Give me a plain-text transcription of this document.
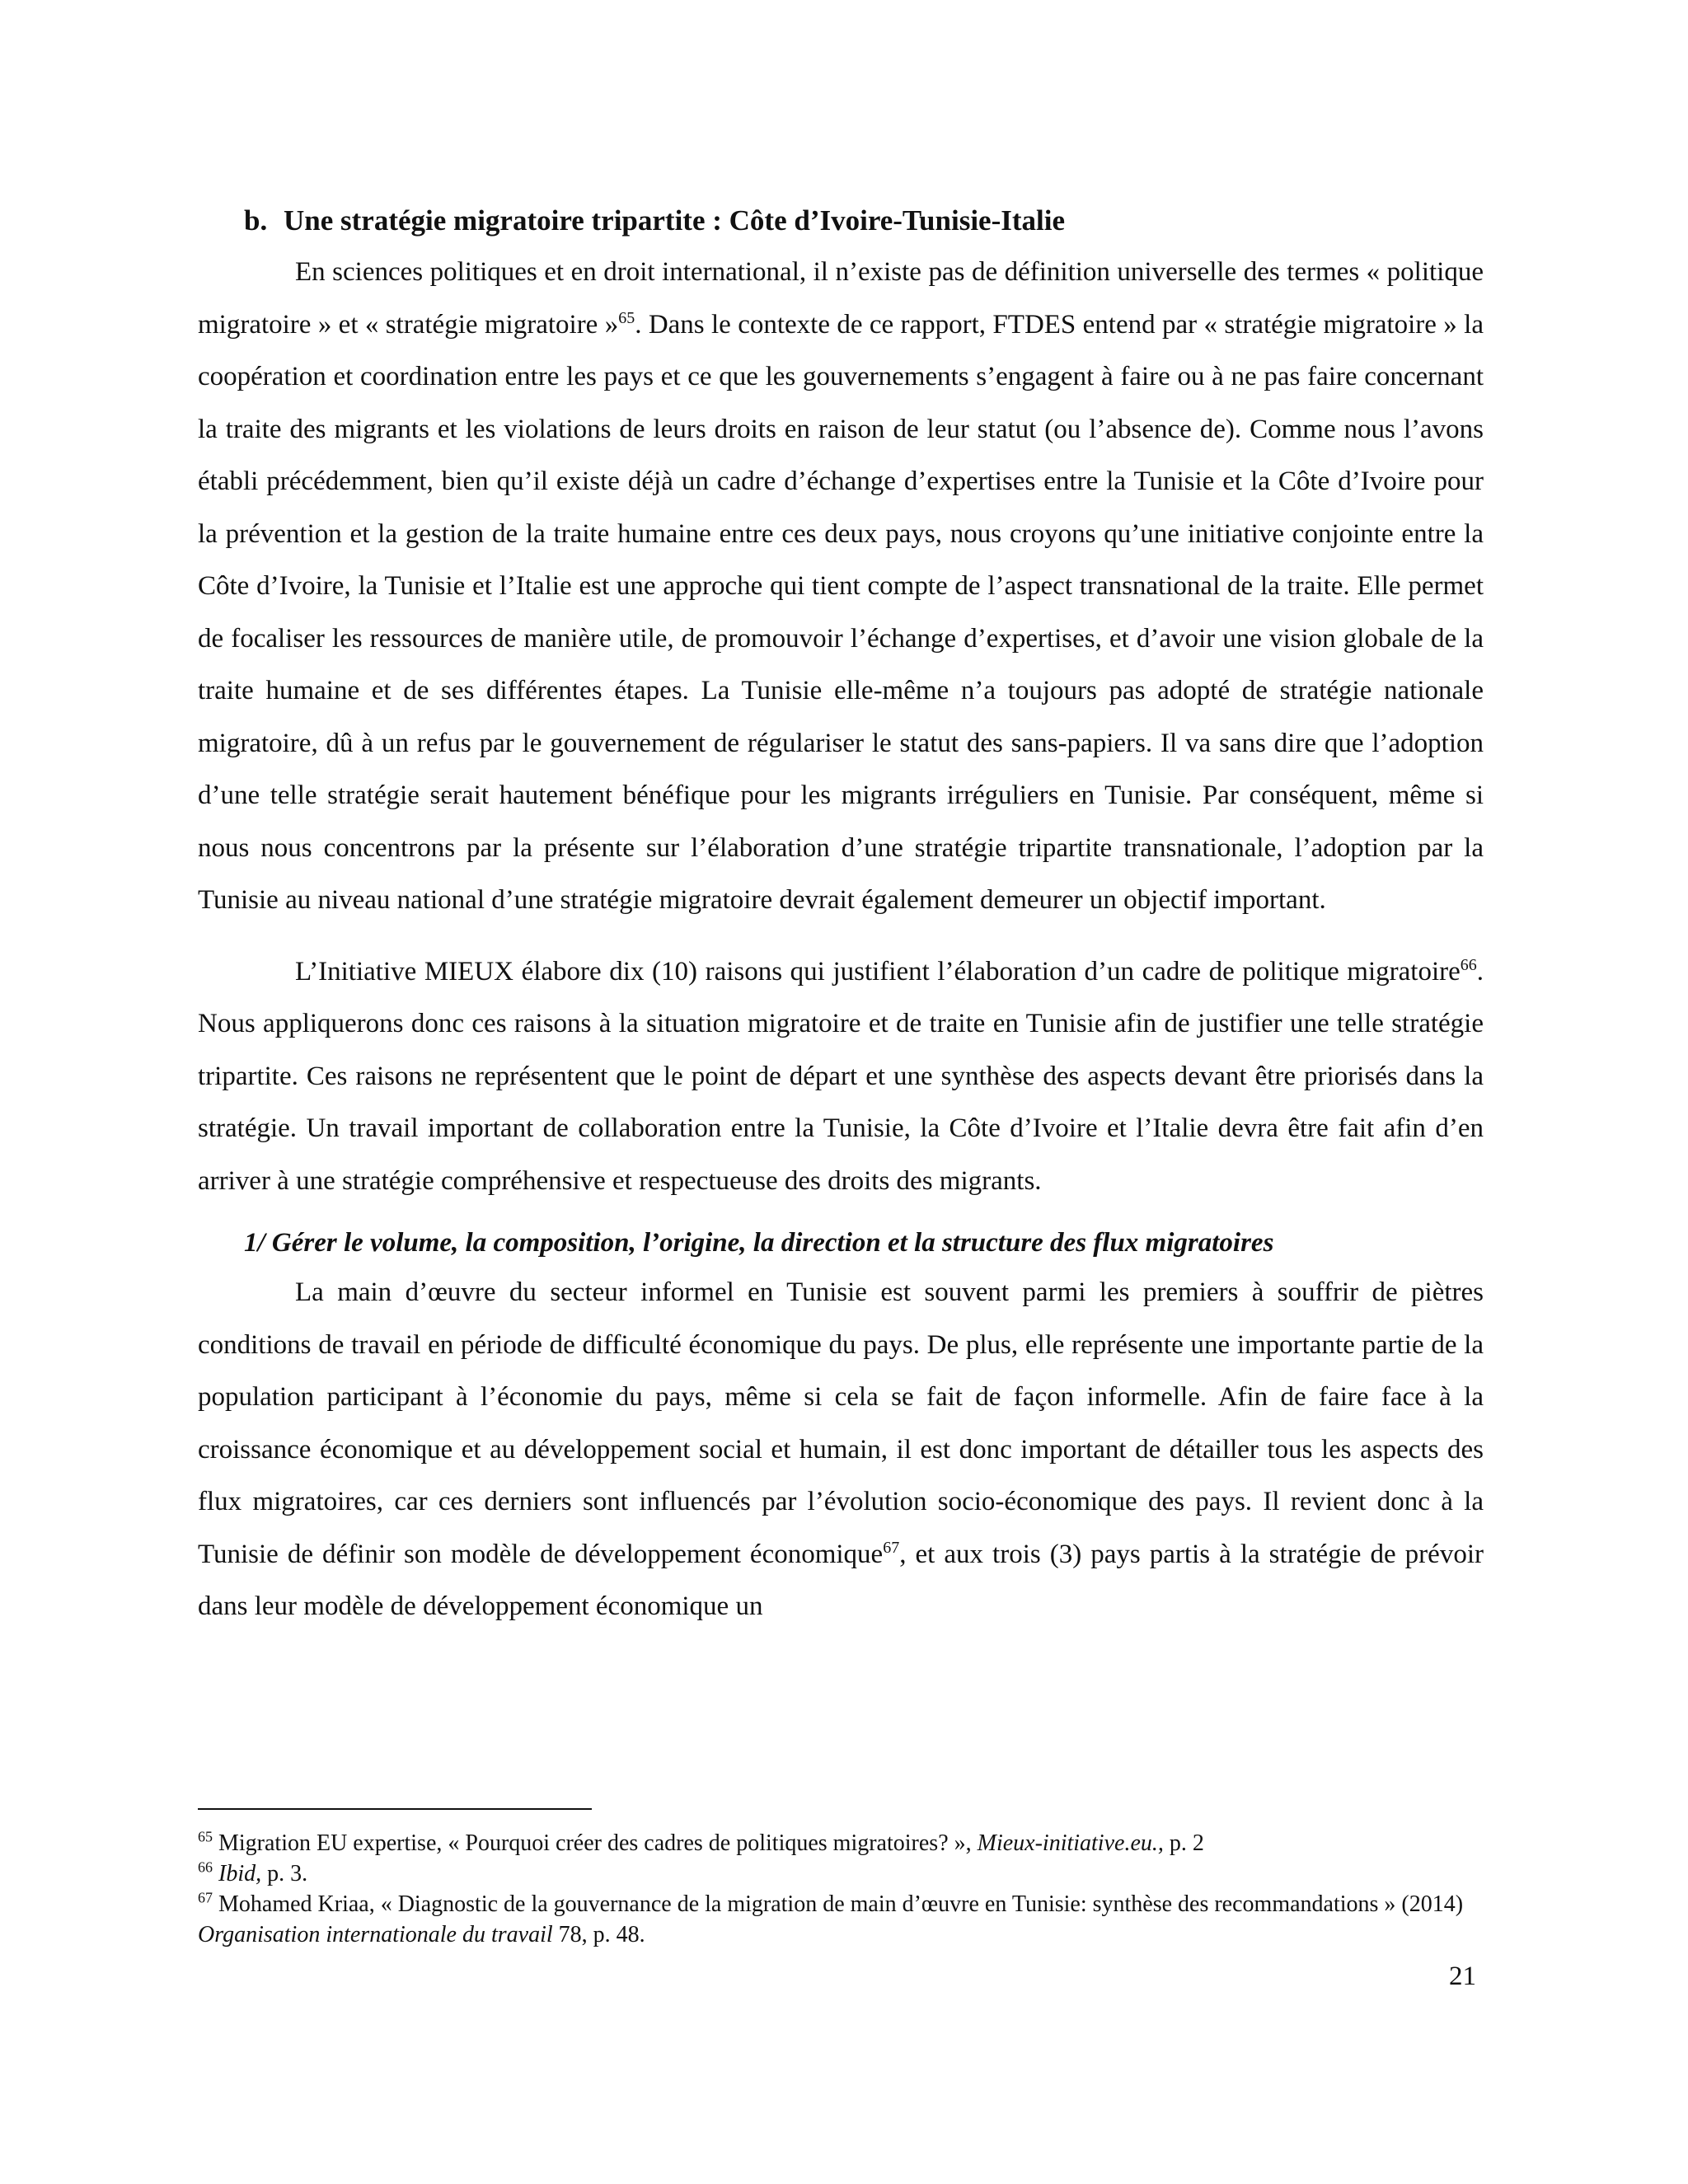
b. Une stratégie migratoire tripartite : Côte d’Ivoire-Tunisie-Italie

En sciences politiques et en droit international, il n’existe pas de définition universelle des termes « politique migratoire » et « stratégie migratoire »$^{65}$. Dans le contexte de ce rapport, FTDES entend par « stratégie migratoire » la coopération et coordination entre les pays et ce que les gouvernements s’engagent à faire ou à ne pas faire concernant la traite des migrants et les violations de leurs droits en raison de leur statut (ou l’absence de). Comme nous l’avons établi précédemment, bien qu’il existe déjà un cadre d’échange d’expertises entre la Tunisie et la Côte d’Ivoire pour la prévention et la gestion de la traite humaine entre ces deux pays, nous croyons qu’une initiative conjointe entre la Côte d’Ivoire, la Tunisie et l’Italie est une approche qui tient compte de l’aspect transnational de la traite. Elle permet de focaliser les ressources de manière utile, de promouvoir l’échange d’expertises, et d’avoir une vision globale de la traite humaine et de ses différentes étapes. La Tunisie elle-même n’a toujours pas adopté de stratégie nationale migratoire, dû à un refus par le gouvernement de régulariser le statut des sans-papiers. Il va sans dire que l’adoption d’une telle stratégie serait hautement bénéfique pour les migrants irréguliers en Tunisie. Par conséquent, même si nous nous concentrons par la présente sur l’élaboration d’une stratégie tripartite transnationale, l’adoption par la Tunisie au niveau national d’une stratégie migratoire devrait également demeurer un objectif important.

L’Initiative MIEUX élabore dix (10) raisons qui justifient l’élaboration d’un cadre de politique migratoire$^{66}$. Nous appliquerons donc ces raisons à la situation migratoire et de traite en Tunisie afin de justifier une telle stratégie tripartite. Ces raisons ne représentent que le point de départ et une synthèse des aspects devant être priorisés dans la stratégie. Un travail important de collaboration entre la Tunisie, la Côte d’Ivoire et l’Italie devra être fait afin d’en arriver à une stratégie compréhensive et respectueuse des droits des migrants.

1/ Gérer le volume, la composition, l’origine, la direction et la structure des flux migratoires

La main d’œuvre du secteur informel en Tunisie est souvent parmi les premiers à souffrir de piètres conditions de travail en période de difficulté économique du pays. De plus, elle représente une importante partie de la population participant à l’économie du pays, même si cela se fait de façon informelle. Afin de faire face à la croissance économique et au développement social et humain, il est donc important de détailler tous les aspects des flux migratoires, car ces derniers sont influencés par l’évolution socio-économique des pays. Il revient donc à la Tunisie de définir son modèle de développement économique$^{67}$, et aux trois (3) pays partis à la stratégie de prévoir dans leur modèle de développement économique un

$^{65}$ Migration EU expertise, « Pourquoi créer des cadres de politiques migratoires? », Mieux-initiative.eu., p. 2

$^{66}$ Ibid, p. 3.

$^{67}$ Mohamed Kriaa, « Diagnostic de la gouvernance de la migration de main d’œuvre en Tunisie: synthèse des recommandations » (2014) Organisation internationale du travail 78, p. 48.

21
